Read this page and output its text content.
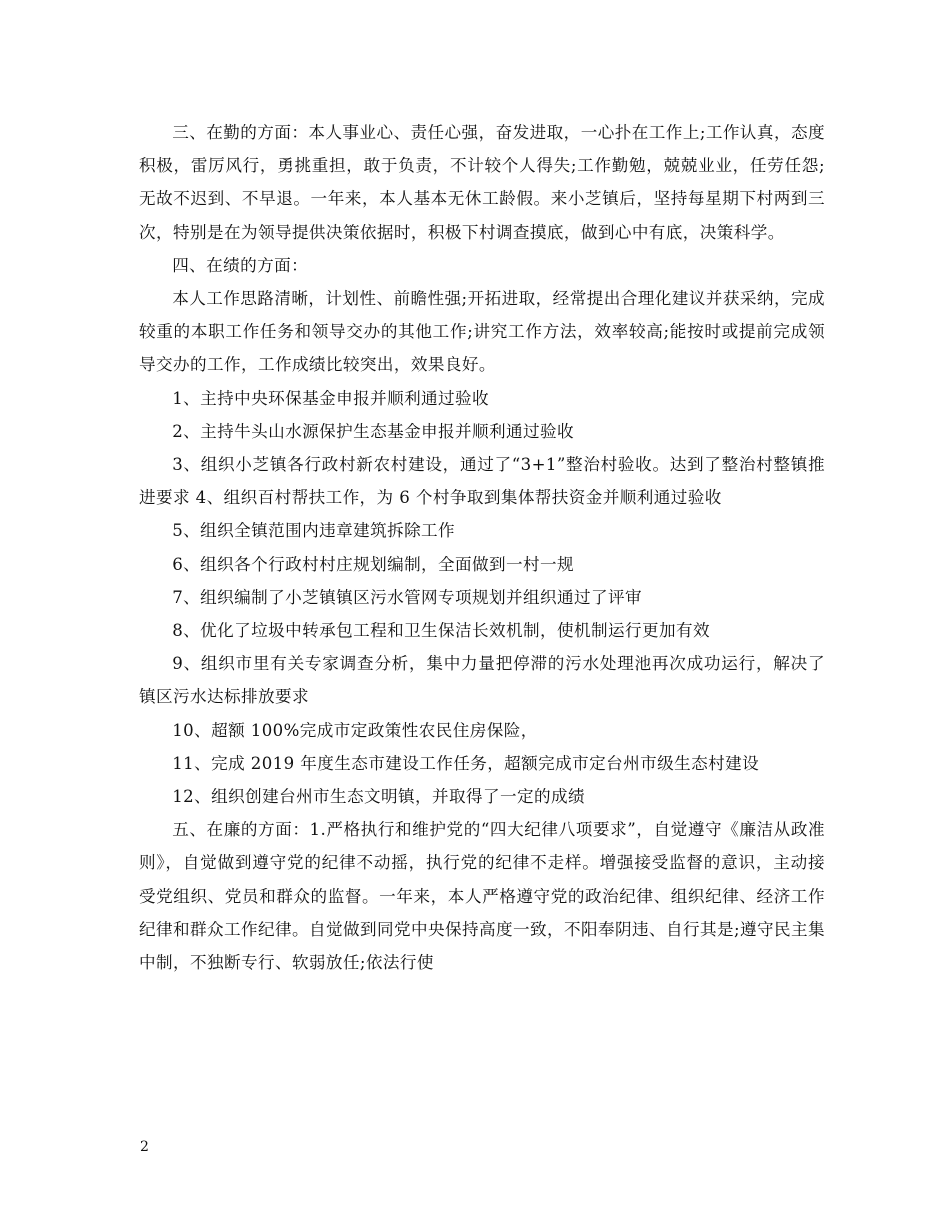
三、在勤的方面：本人事业心、责任心强，奋发进取，一心扑在工作上;工作认真，态度积极，雷厉风行，勇挑重担，敢于负责，不计较个人得失;工作勤勉，兢兢业业，任劳任怨;无故不迟到、不早退。一年来，本人基本无休工龄假。来小芝镇后，坚持每星期下村两到三次，特别是在为领导提供决策依据时，积极下村调查摸底，做到心中有底，决策科学。

四、在绩的方面：

本人工作思路清晰，计划性、前瞻性强;开拓进取，经常提出合理化建议并获采纳，完成较重的本职工作任务和领导交办的其他工作;讲究工作方法，效率较高;能按时或提前完成领导交办的工作，工作成绩比较突出，效果良好。

1、主持中央环保基金申报并顺利通过验收

2、主持牛头山水源保护生态基金申报并顺利通过验收

3、组织小芝镇各行政村新农村建设，通过了“3+1”整治村验收。达到了整治村整镇推进要求 4、组织百村帮扶工作，为 6 个村争取到集体帮扶资金并顺利通过验收

5、组织全镇范围内违章建筑拆除工作

6、组织各个行政村村庄规划编制，全面做到一村一规

7、组织编制了小芝镇镇区污水管网专项规划并组织通过了评审

8、优化了垃圾中转承包工程和卫生保洁长效机制，使机制运行更加有效

9、组织市里有关专家调查分析，集中力量把停滞的污水处理池再次成功运行，解决了镇区污水达标排放要求

10、超额 100%完成市定政策性农民住房保险，

11、完成 2019 年度生态市建设工作任务，超额完成市定台州市级生态村建设

12、组织创建台州市生态文明镇，并取得了一定的成绩

五、在廉的方面：1.严格执行和维护党的“四大纪律八项要求”，自觉遵守《廉洁从政准则》，自觉做到遵守党的纪律不动摇，执行党的纪律不走样。增强接受监督的意识，主动接受党组织、党员和群众的监督。一年来，本人严格遵守党的政治纪律、组织纪律、经济工作纪律和群众工作纪律。自觉做到同党中央保持高度一致，不阳奉阴违、自行其是;遵守民主集中制，不独断专行、软弱放任;依法行使

2
